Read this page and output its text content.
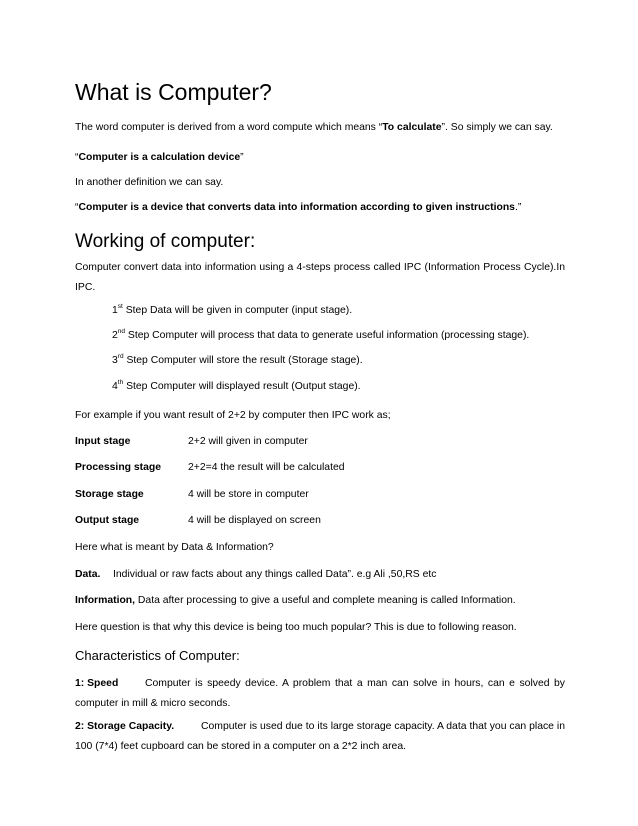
What is Computer?
The word computer is derived from a word compute which means “To calculate”. So simply we can say.
“Computer is a calculation device”
In another definition we can say.
“Computer is a device that converts data into information according to given instructions.”
Working of computer:
Computer convert data into information using a 4-steps process called IPC (Information Process Cycle).In IPC.
1st Step Data will be given in computer (input stage).
2nd Step Computer will process that data to generate useful information (processing stage).
3rd Step Computer will store the result (Storage stage).
4th Step Computer will displayed result (Output stage).
For example if you want result of 2+2 by computer then IPC work as;
Input stage	2+2 will given in computer
Processing stage	2+2=4 the result will be calculated
Storage stage	4 will be store in computer
Output stage	4 will be displayed on screen
Here what is meant by Data & Information?
Data. Individual or raw facts about any things called Data”. e.g Ali ,50,RS etc
Information, Data after processing to give a useful and complete meaning is called Information.
Here question is that why this device is being too much popular? This is due to following reason.
Characteristics of Computer:
1: Speed	Computer is speedy device. A problem that a man can solve in hours, can e solved by computer in mill & micro seconds.
2: Storage Capacity.	Computer is used due to its large storage capacity. A data that you can place in 100 (7*4) feet cupboard can be stored in a computer on a 2*2 inch area.
